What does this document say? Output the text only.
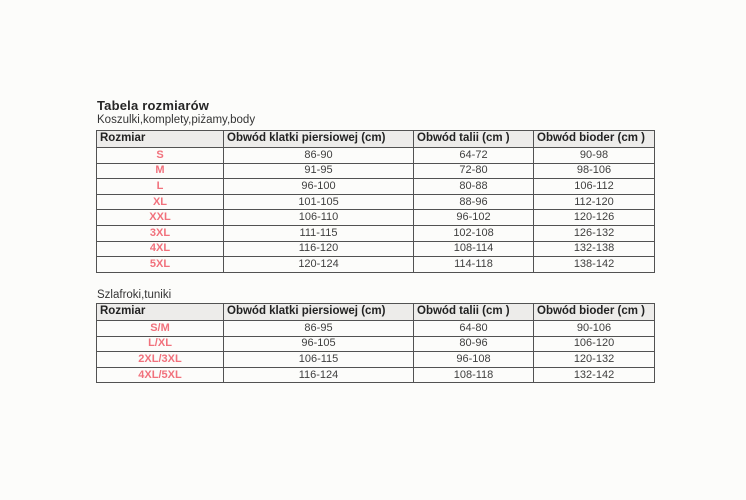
Tabela rozmiarów
Koszulki,komplety,piżamy,body
Rozmiar	Obwód klatki piersiowej (cm)	Obwód talii (cm )	Obwód bioder (cm )
S	86-90	64-72	90-98
M	91-95	72-80	98-106
L	96-100	80-88	106-112
XL	101-105	88-96	112-120
XXL	106-110	96-102	120-126
3XL	111-115	102-108	126-132
4XL	116-120	108-114	132-138
5XL	120-124	114-118	138-142
Szlafroki,tuniki
Rozmiar	Obwód klatki piersiowej (cm)	Obwód talii (cm )	Obwód bioder (cm )
S/M	86-95	64-80	90-106
L/XL	96-105	80-96	106-120
2XL/3XL	106-115	96-108	120-132
4XL/5XL	116-124	108-118	132-142
